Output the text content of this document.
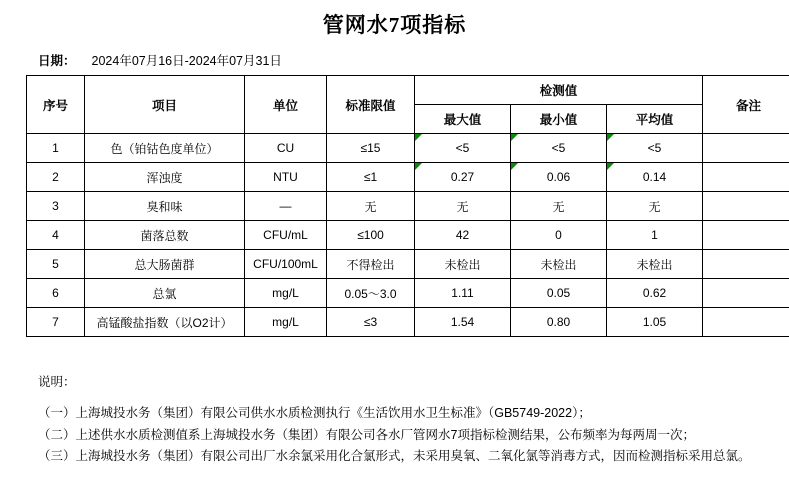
管网水7项指标
日期： 2024年07月16日-2024年07月31日
序号	项目	单位	标准限值	检测值			备注
				最大值	最小值	平均值	
1	色（铂钴色度单位）	CU	≤15	<5	<5	<5	
2	浑浊度	NTU	≤1	0.27	0.06	0.14	
3	臭和味	—	无	无	无	无	
4	菌落总数	CFU/mL	≤100	42	0	1	
5	总大肠菌群	CFU/100mL	不得检出	未检出	未检出	未检出	
6	总氯	mg/L	0.05～3.0	1.11	0.05	0.62	
7	高锰酸盐指数（以O2计）	mg/L	≤3	1.54	0.80	1.05	
说明：

（一）上海城投水务（集团）有限公司供水水质检测执行《生活饮用水卫生标准》（GB5749-2022）；

（二）上述供水水质检测值系上海城投水务（集团）有限公司各水厂管网水7项指标检测结果，公布频率为每两周一次；

（三）上海城投水务（集团）有限公司出厂水余氯采用化合氯形式，未采用臭氧、二氧化氯等消毒方式，因而检测指标采用总氯。
